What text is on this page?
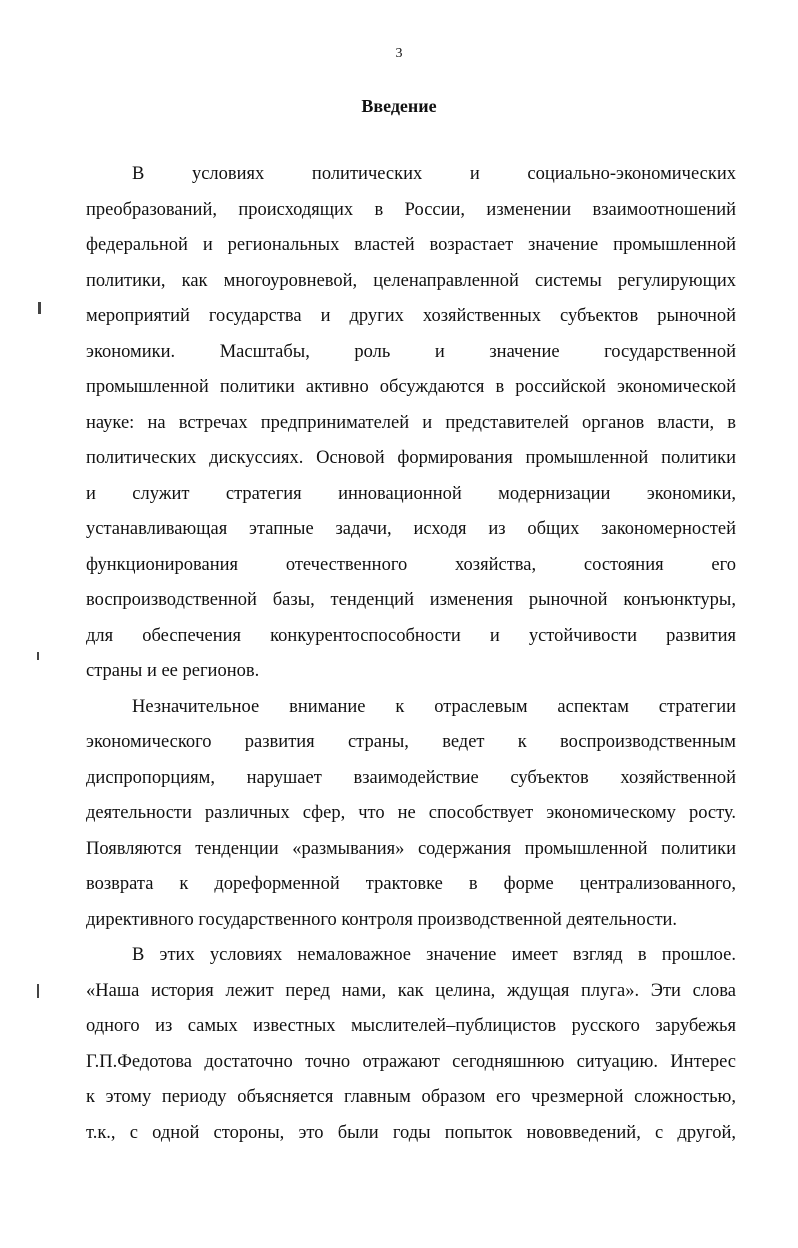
3
Введение
В условиях политических и социально-экономических
преобразований, происходящих в России, изменении взаимоотношений
федеральной и региональных властей возрастает значение промышленной
политики, как многоуровневой, целенаправленной системы регулирующих
мероприятий государства и других хозяйственных субъектов рыночной
экономики. Масштабы, роль и значение государственной
промышленной политики активно обсуждаются в российской экономической
науке: на встречах предпринимателей и представителей органов власти, в
политических дискуссиях. Основой формирования промышленной политики
и служит стратегия инновационной модернизации экономики,
устанавливающая этапные задачи, исходя из общих закономерностей
функционирования отечественного хозяйства, состояния его
воспроизводственной базы, тенденций изменения рыночной конъюнктуры,
для обеспечения конкурентоспособности и устойчивости развития
страны и ее регионов.
Незначительное внимание к отраслевым аспектам стратегии
экономического развития страны, ведет к воспроизводственным
диспропорциям, нарушает взаимодействие субъектов хозяйственной
деятельности различных сфер, что не способствует экономическому росту.
Появляются тенденции «размывания» содержания промышленной политики
возврата к дореформенной трактовке в форме централизованного,
директивного государственного контроля производственной деятельности.
В этих условиях немаловажное значение имеет взгляд в прошлое.
«Наша история лежит перед нами, как целина, ждущая плуга». Эти слова
одного из самых известных мыслителей–публицистов русского зарубежья
Г.П.Федотова достаточно точно отражают сегодняшнюю ситуацию. Интерес
к этому периоду объясняется главным образом его чрезмерной сложностью,
т.к., с одной стороны, это были годы попыток нововведений, с другой,
